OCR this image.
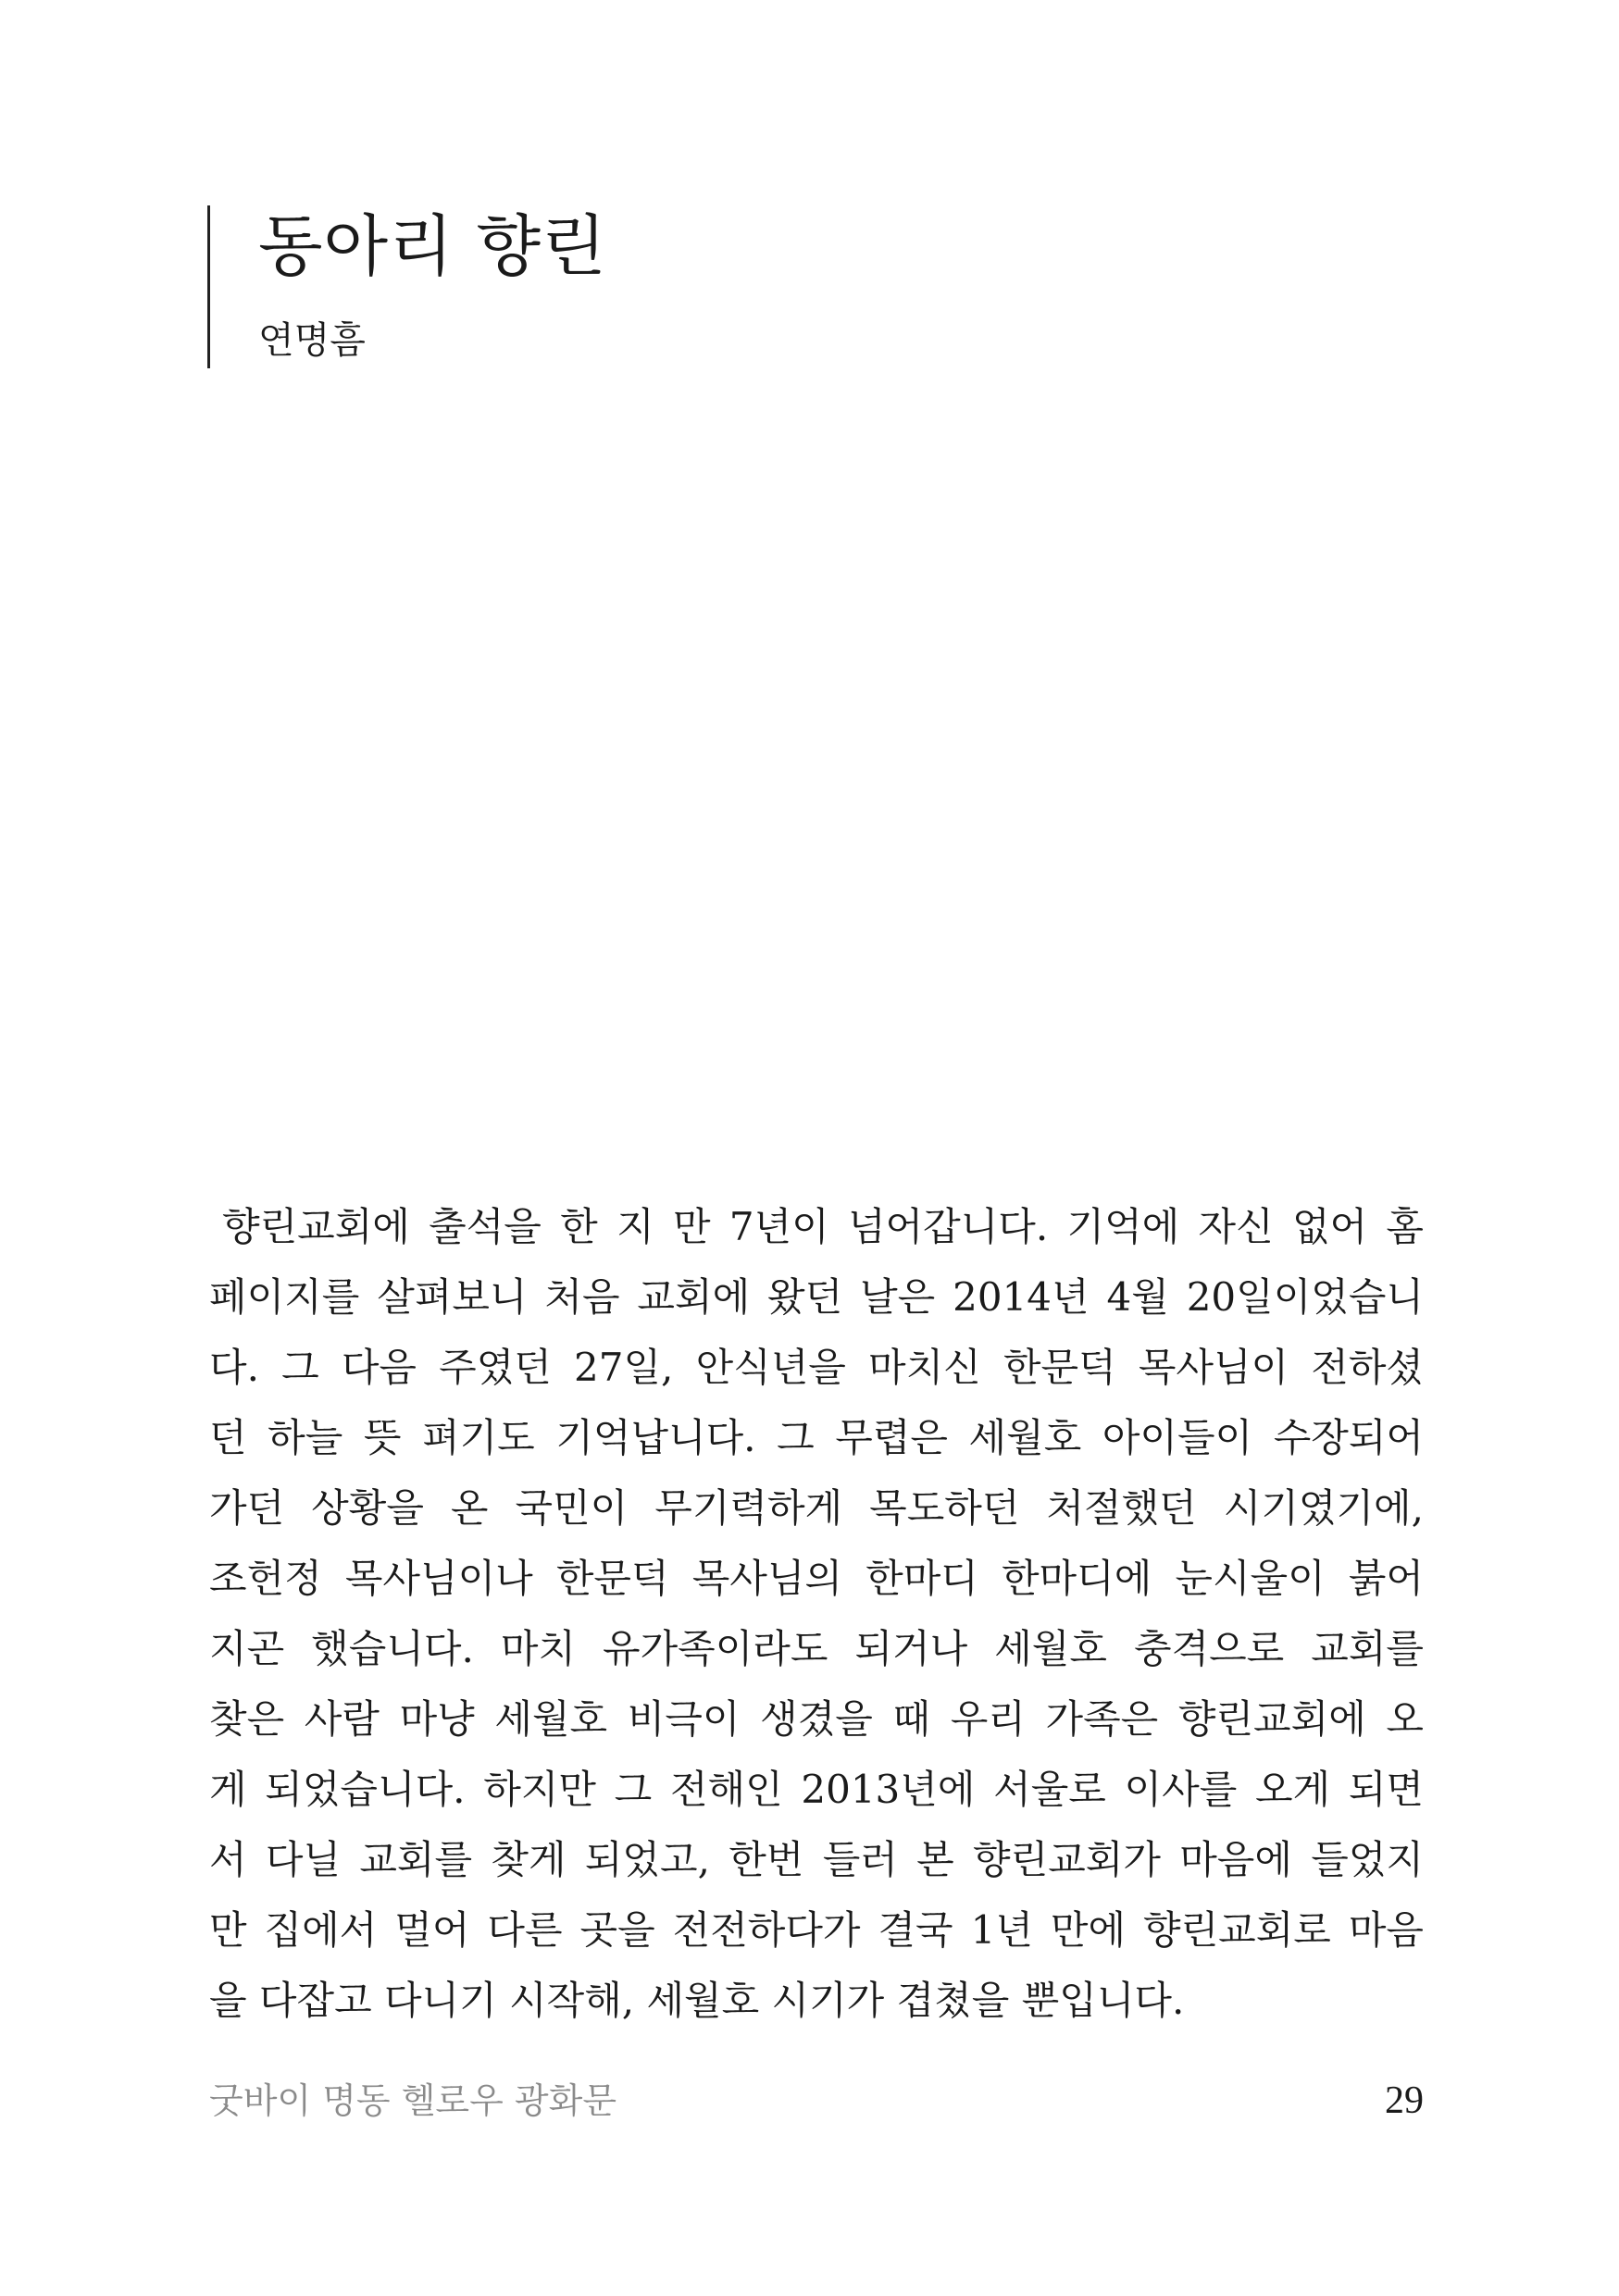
동아리 향린
연명흠
향린교회에 출석을 한 지 만 7년이 넘어갑니다. 기억에 자신 없어 홈
페이지를 살펴보니 처음 교회에 왔던 날은 2014년 4월 20일이었습니
다. 그 다음 주였던 27일, 안식년을 마치신 한문덕 목사님이 전하셨
던 하늘 뜻 펴기도 기억납니다. 그 무렵은 세월호 아이들이 수장되어
가던 상황을 온 국민이 무기력하게 목도하던 처절했던 시기였기에,
조헌정 목사님이나 한문덕 목사님의 한마디 한마디에 눈시울이 붉어
지곤 했습니다. 마치 유가족이라도 되거나 세월호 충격으로 교회를
찾은 사람 마냥 세월호 비극이 생겼을 때 우리 가족은 향린교회에 오
게 되었습니다. 하지만 그 전해인 2013년에 서울로 이사를 오게 되면
서 다닐 교회를 찾게 되었고, 한번 들러 본 향린교회가 마음에 들었지
만 집에서 멀어 다른 곳을 전전하다가 결국 1년 만에 향린교회로 마음
을 다잡고 다니기 시작해, 세월호 시기가 겹쳤을 뿐입니다.
굿바이 명동 헬로우 광화문	29
